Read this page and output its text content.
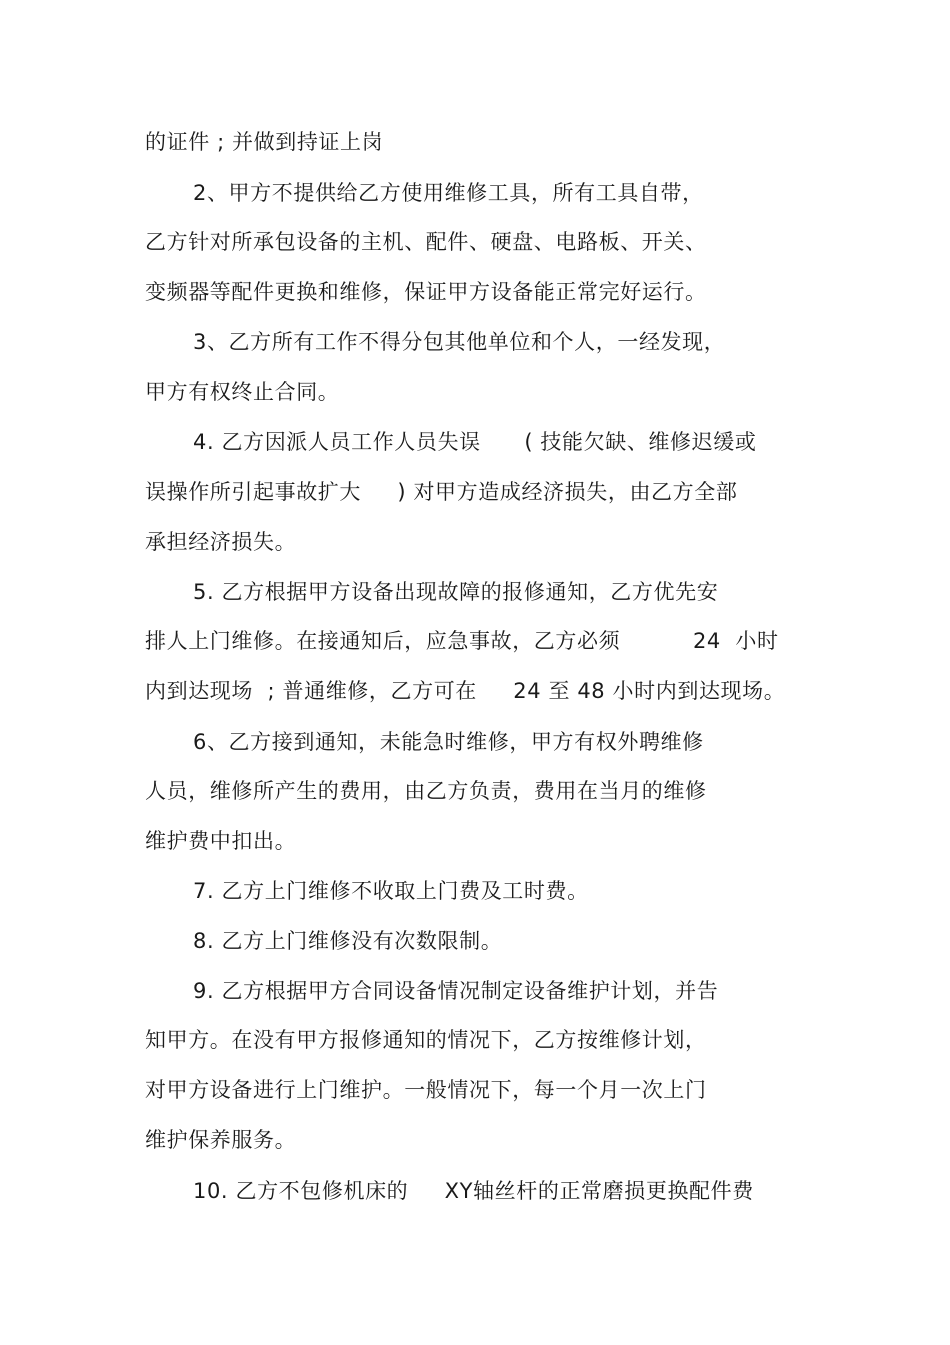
的证件 ; 并做到持证上岗
2、甲方不提供给乙方使用维修工具，所有工具自带，
乙方针对所承包设备的主机、配件、硬盘、电路板、开关、
变频器等配件更换和维修，保证甲方设备能正常完好运行。
3、乙方所有工作不得分包其他单位和个人，一经发现，
甲方有权终止合同。
4. 乙方因派人员工作人员失误      ( 技能欠缺、维修迟缓或
误操作所引起事故扩大     ) 对甲方造成经济损失，由乙方全部
承担经济损失。
5. 乙方根据甲方设备出现故障的报修通知，乙方优先安
排人上门维修。在接通知后，应急事故，乙方必须          24  小时
内到达现场  ; 普通维修，乙方可在     24 至 48 小时内到达现场。
6、乙方接到通知，未能急时维修，甲方有权外聘维修
人员，维修所产生的费用，由乙方负责，费用在当月的维修
维护费中扣出。
7. 乙方上门维修不收取上门费及工时费。
8. 乙方上门维修没有次数限制。
9. 乙方根据甲方合同设备情况制定设备维护计划，并告
知甲方。在没有甲方报修通知的情况下，乙方按维修计划，
对甲方设备进行上门维护。一般情况下，每一个月一次上门
维护保养服务。
10. 乙方不包修机床的     XY轴丝杆的正常磨损更换配件费
